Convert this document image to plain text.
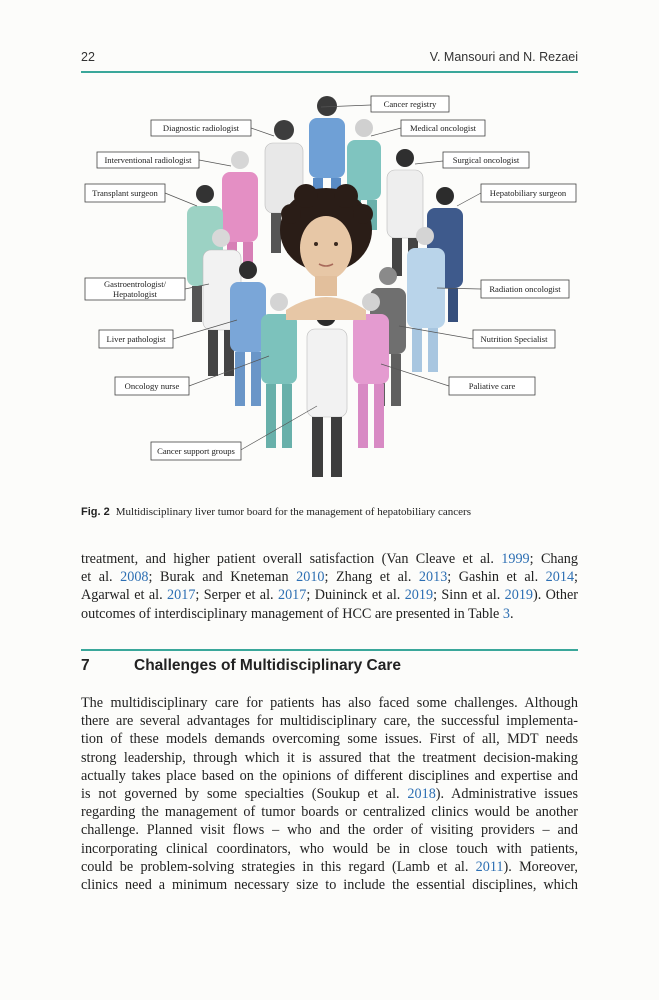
22	V. Mansouri and N. Rezaei
Cancer registry
Diagnostic radiologist	Medical oncologist
Interventional radiologist	Surgical oncologist
Transplant surgeon	Hepatobiliary surgeon
Gastroentrologist/
Hepatologist	Radiation oncologist
Liver pathologist	Nutrition Specialist
Oncology nurse	Paliative care
Cancer support groups
Fig. 2 Multidisciplinary liver tumor board for the management of hepatobiliary cancers
treatment, and higher patient overall satisfaction (Van Cleave et al. 1999; Chang
et al. 2008; Burak and Kneteman 2010; Zhang et al. 2013; Gashin et al. 2014;
Agarwal et al. 2017; Serper et al. 2017; Duininck et al. 2019; Sinn et al. 2019). Other
outcomes of interdisciplinary management of HCC are presented in Table 3.
7	Challenges of Multidisciplinary Care
The multidisciplinary care for patients has also faced some challenges. Although
there are several advantages for multidisciplinary care, the successful implementa-
tion of these models demands overcoming some issues. First of all, MDT needs
strong leadership, through which it is assured that the treatment decision-making
actually takes place based on the opinions of different disciplines and expertise and
is not governed by some specialties (Soukup et al. 2018). Administrative issues
regarding the management of tumor boards or centralized clinics would be another
challenge. Planned visit flows – who and the order of visiting providers – and
incorporating clinical coordinators, who would be in close touch with patients,
could be problem-solving strategies in this regard (Lamb et al. 2011). Moreover,
clinics need a minimum necessary size to include the essential disciplines, which
